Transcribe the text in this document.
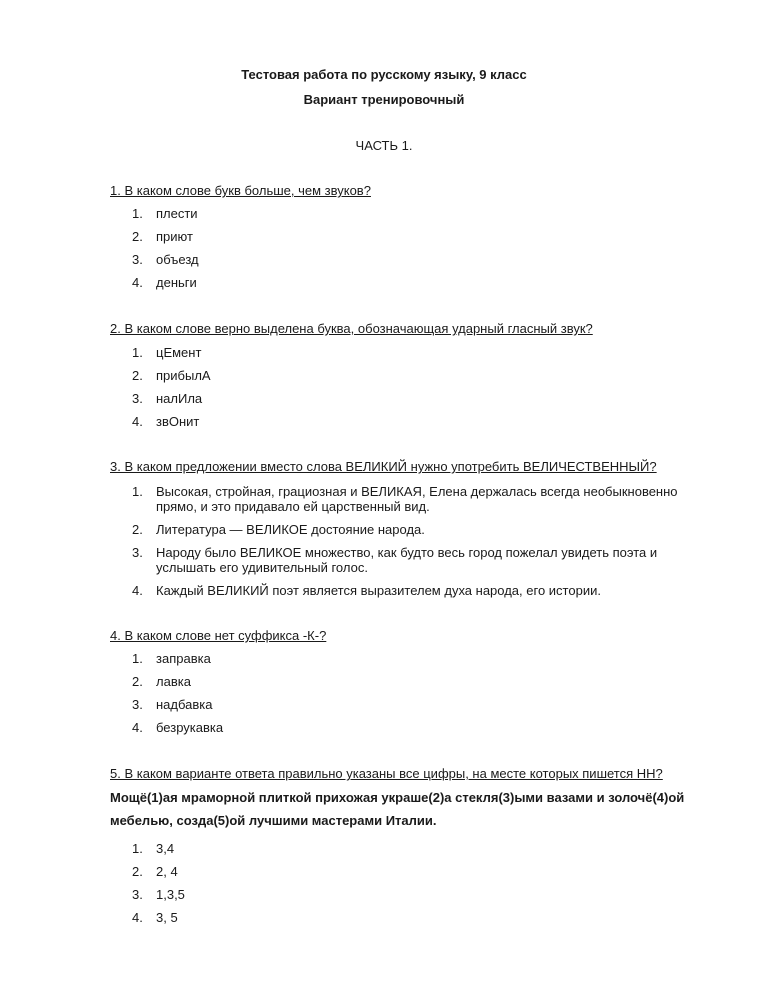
Тестовая работа по русскому языку, 9 класс
Вариант тренировочный
ЧАСТЬ 1.
1. В каком слове букв больше, чем звуков?
1. плести
2. приют
3. объезд
4. деньги
2. В каком слове верно выделена буква, обозначающая ударный гласный звук?
1. цЕмент
2. прибылА
3. налИла
4. звОнит
3. В каком предложении вместо слова ВЕЛИКИЙ нужно употребить ВЕЛИЧЕСТВЕННЫЙ?
1. Высокая, стройная, грациозная и ВЕЛИКАЯ, Елена держалась всегда необыкновенно прямо, и это придавало ей царственный вид.
2. Литература — ВЕЛИКОЕ достояние народа.
3. Народу было ВЕЛИКОЕ множество, как будто весь город пожелал увидеть поэта и услышать его удивительный голос.
4. Каждый ВЕЛИКИЙ поэт является выразителем духа народа, его истории.
4. В каком слове нет суффикса -К-?
1. заправка
2. лавка
3. надбавка
4. безрукавка
5. В каком варианте ответа правильно указаны все цифры, на месте которых пишется НН?
Мощё(1)ая мраморной плиткой прихожая украше(2)а стекля(3)ыми вазами и золочё(4)ой мебелью, созда(5)ой лучшими мастерами Италии.
1. 3,4
2. 2, 4
3. 1,3,5
4. 3, 5
